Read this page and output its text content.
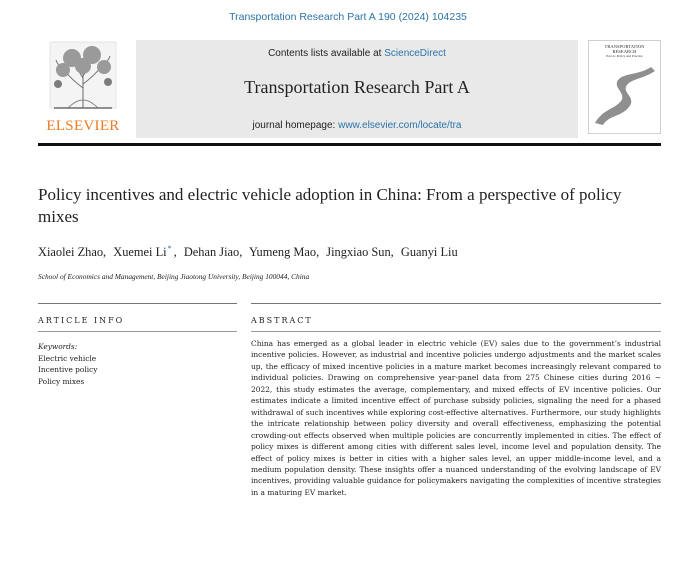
Transportation Research Part A 190 (2024) 104235
ELSEVIER
Contents lists available at ScienceDirect
Transportation Research Part A
journal homepage: www.elsevier.com/locate/tra
TRANSPORTATION
RESEARCH
Part A: Policy and Practice
Policy incentives and electric vehicle adoption in China: From a perspective of policy mixes
Xiaolei Zhao, Xuemei Li* , Dehan Jiao, Yumeng Mao, Jingxiao Sun, Guanyi Liu
School of Economics and Management, Beijing Jiaotong University, Beijing 100044, China
ARTICLE INFO	ABSTRACT
Keywords:
Electric vehicle
Incentive policy
Policy mixes

China has emerged as a global leader in electric vehicle (EV) sales due to the government’s industrial incentive policies. However, as industrial and incentive policies undergo adjustments and the market scales up, the efficacy of mixed incentive policies in a mature market becomes increasingly relevant compared to individual policies. Drawing on comprehensive year-panel data from 275 Chinese cities during 2016 ∼ 2022, this study estimates the average, complementary, and mixed effects of EV incentive policies. Our estimates indicate a limited incentive effect of purchase subsidy policies, signaling the need for a phased withdrawal of such incentives while exploring cost-effective alternatives. Furthermore, our study highlights the intricate relationship between policy diversity and overall effectiveness, emphasizing the potential crowding-out effects observed when multiple policies are concurrently implemented in cities. The effect of policy mixes is different among cities with different sales level, income level and population density. The effect of policy mixes is better in cities with a higher sales level, an upper middle-income level, and a medium population density. These insights offer a nuanced understanding of the evolving landscape of EV incentives, providing valuable guidance for policymakers navigating the complexities of incentive strategies in a maturing EV market.
